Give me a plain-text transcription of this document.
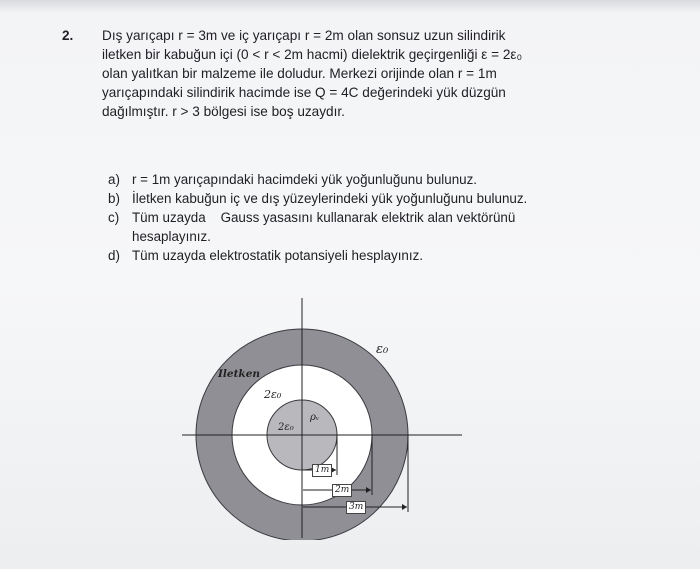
2. Dış yarıçapı r = 3m ve iç yarıçapı r = 2m olan sonsuz uzun silindirik
iletken bir kabuğun içi (0 < r < 2m hacmi) dielektrik geçirgenliği ε = 2ε₀
olan yalıtkan bir malzeme ile doludur. Merkezi orijinde olan r = 1m
yarıçapındaki silindirik hacimde ise Q = 4C değerindeki yük düzgün
dağılmıştır. r > 3 bölgesi ise boş uzaydır.
a) r = 1m yarıçapındaki hacimdeki yük yoğunluğunu bulunuz.
b) İletken kabuğun iç ve dış yüzeylerindeki yük yoğunluğunu bulunuz.
c) Tüm uzayda    Gauss yasasını kullanarak elektrik alan vektörünü
hesaplayınız.
d) Tüm uzayda elektrostatik potansiyeli hesplayınız.
ε₀
Iletken
2ε₀
2ε₀
ρᵥ
1m
2m
3m
